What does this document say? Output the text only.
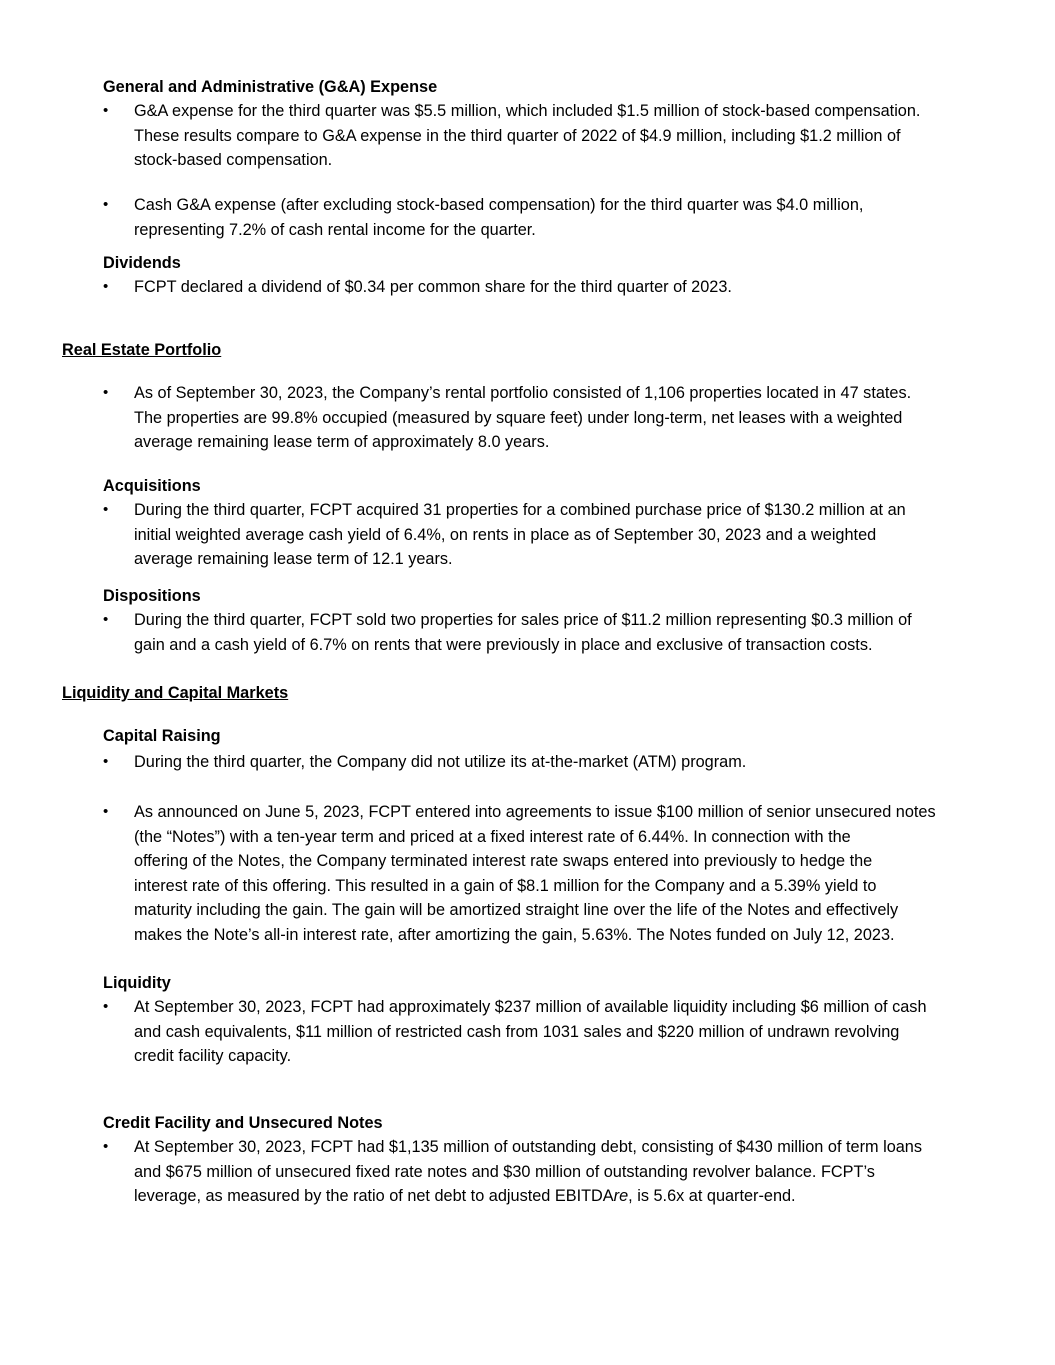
General and Administrative (G&A) Expense
•	G&A expense for the third quarter was $5.5 million, which included $1.5 million of stock-based compensation.
These results compare to G&A expense in the third quarter of 2022 of $4.9 million, including $1.2 million of
stock-based compensation.
•	Cash G&A expense (after excluding stock-based compensation) for the third quarter was $4.0 million,
representing 7.2% of cash rental income for the quarter.
Dividends
•	FCPT declared a dividend of $0.34 per common share for the third quarter of 2023.
Real Estate Portfolio
•	As of September 30, 2023, the Company’s rental portfolio consisted of 1,106 properties located in 47 states.
The properties are 99.8% occupied (measured by square feet) under long-term, net leases with a weighted
average remaining lease term of approximately 8.0 years.
Acquisitions
•	During the third quarter, FCPT acquired 31 properties for a combined purchase price of $130.2 million at an
initial weighted average cash yield of 6.4%, on rents in place as of September 30, 2023 and a weighted
average remaining lease term of 12.1 years.
Dispositions
•	During the third quarter, FCPT sold two properties for sales price of $11.2 million representing $0.3 million of
gain and a cash yield of 6.7% on rents that were previously in place and exclusive of transaction costs.
Liquidity and Capital Markets
Capital Raising
•	During the third quarter, the Company did not utilize its at-the-market (ATM) program.
•	As announced on June 5, 2023, FCPT entered into agreements to issue $100 million of senior unsecured notes
(the “Notes”) with a ten-year term and priced at a fixed interest rate of 6.44%. In connection with the
offering of the Notes, the Company terminated interest rate swaps entered into previously to hedge the
interest rate of this offering. This resulted in a gain of $8.1 million for the Company and a 5.39% yield to
maturity including the gain. The gain will be amortized straight line over the life of the Notes and effectively
makes the Note’s all-in interest rate, after amortizing the gain, 5.63%. The Notes funded on July 12, 2023.
Liquidity
•	At September 30, 2023, FCPT had approximately $237 million of available liquidity including $6 million of cash
and cash equivalents, $11 million of restricted cash from 1031 sales and $220 million of undrawn revolving
credit facility capacity.
Credit Facility and Unsecured Notes
•	At September 30, 2023, FCPT had $1,135 million of outstanding debt, consisting of $430 million of term loans
and $675 million of unsecured fixed rate notes and $30 million of outstanding revolver balance. FCPT’s
leverage, as measured by the ratio of net debt to adjusted EBITDAre, is 5.6x at quarter-end.
